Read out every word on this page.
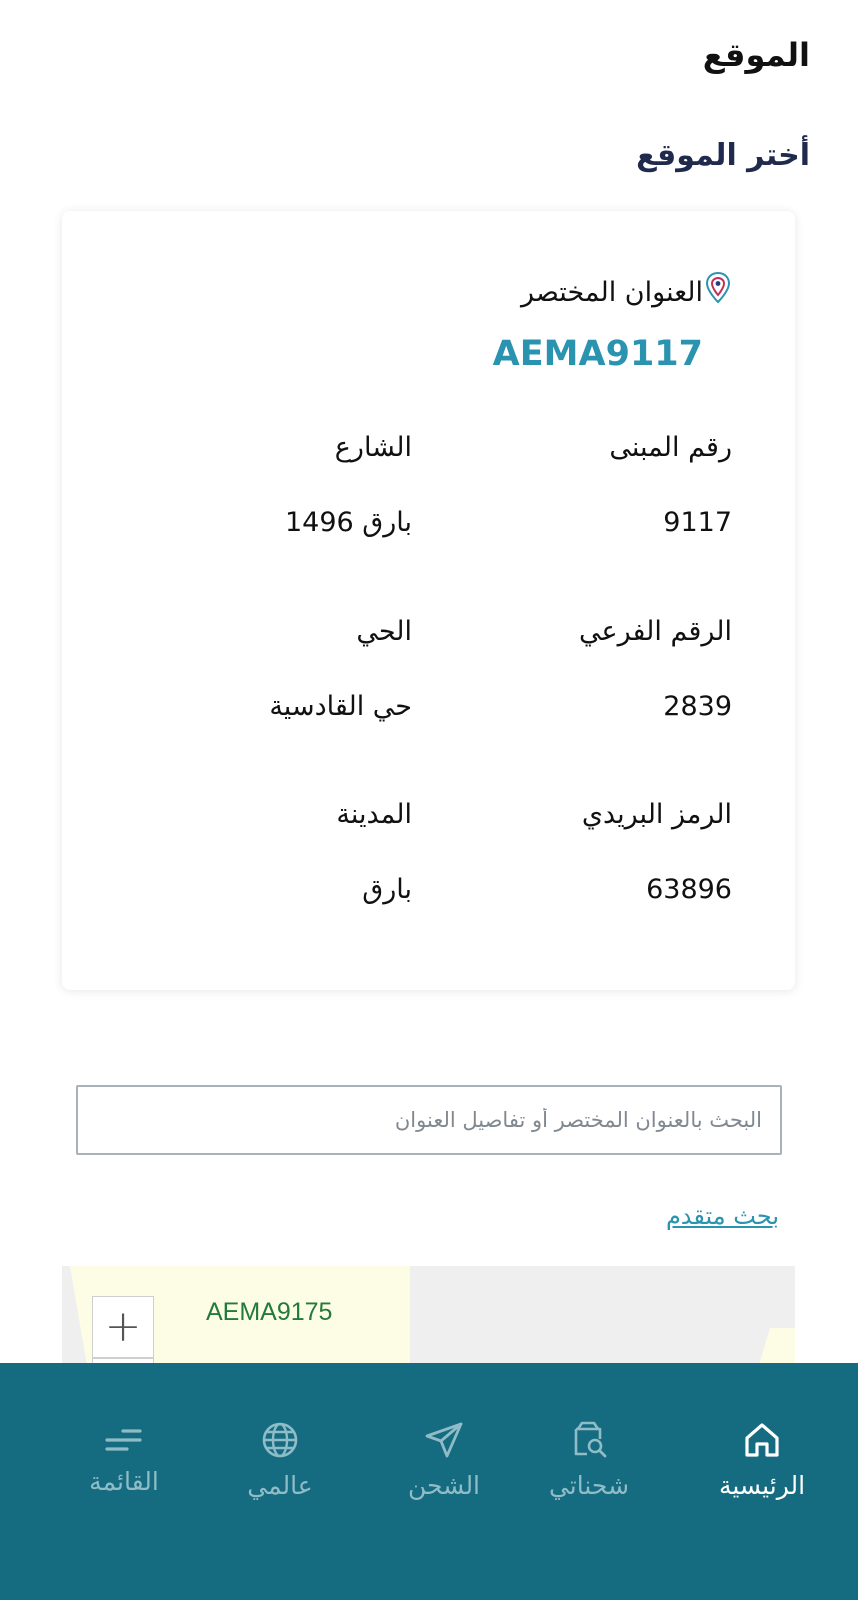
الموقع
أختر الموقع
العنوان المختصر
AEMA9117
رقم المبنى
9117
الشارع
بارق 1496
الرقم الفرعي
2839
الحي
حي القادسية
الرمز البريدي
63896
المدينة
بارق
البحث بالعنوان المختصر أو تفاصيل العنوان
بحث متقدم
AEMA9175
+
الرئيسية
شحناتي
الشحن
عالمي
القائمة
